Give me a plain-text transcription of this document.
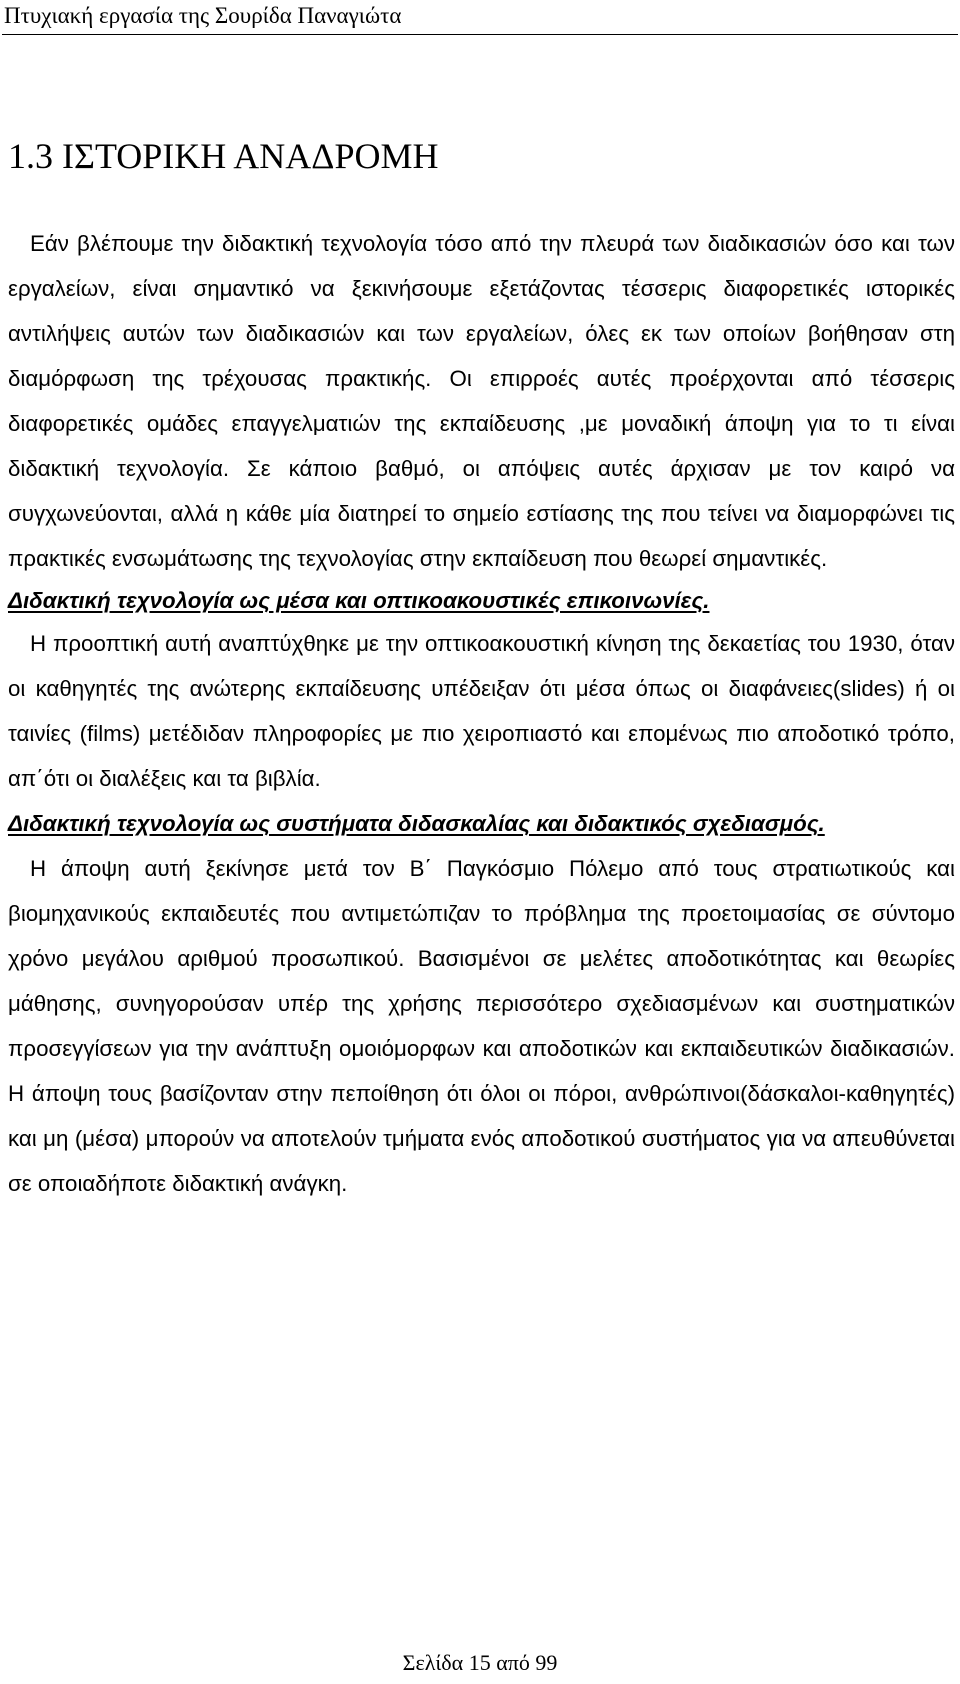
Πτυχιακή εργασία της Σουρίδα Παναγιώτα
1.3 ΙΣΤΟΡΙΚΗ ΑΝΑΔΡΟΜΗ

Εάν βλέπουμε την διδακτική τεχνολογία τόσο από την πλευρά των διαδικασιών όσο και των εργαλείων, είναι σημαντικό να ξεκινήσουμε εξετάζοντας τέσσερις διαφορετικές ιστορικές αντιλήψεις αυτών των διαδικασιών και των εργαλείων, όλες εκ των οποίων βοήθησαν στη διαμόρφωση της τρέχουσας πρακτικής. Οι επιρροές αυτές προέρχονται από τέσσερις διαφορετικές ομάδες επαγγελματιών της εκπαίδευσης ,με μοναδική άποψη για το τι είναι διδακτική τεχνολογία. Σε κάποιο βαθμό, οι απόψεις αυτές άρχισαν με τον καιρό να συγχωνεύονται, αλλά η κάθε μία διατηρεί το σημείο εστίασης της που τείνει να διαμορφώνει τις πρακτικές ενσωμάτωσης της τεχνολογίας στην εκπαίδευση που θεωρεί σημαντικές.

Διδακτική τεχνολογία ως μέσα και οπτικοακουστικές επικοινωνίες.

Η προοπτική αυτή αναπτύχθηκε με την οπτικοακουστική κίνηση της δεκαετίας του 1930, όταν οι καθηγητές της ανώτερης εκπαίδευσης υπέδειξαν ότι μέσα όπως οι διαφάνειες(slides) ή οι ταινίες (films) μετέδιδαν πληροφορίες με πιο χειροπιαστό και επομένως πιο αποδοτικό τρόπο, απ΄ότι οι διαλέξεις και τα βιβλία.

Διδακτική τεχνολογία ως συστήματα διδασκαλίας και διδακτικός σχεδιασμός.

Η άποψη αυτή ξεκίνησε μετά τον Β΄ Παγκόσμιο Πόλεμο από τους στρατιωτικούς και βιομηχανικούς εκπαιδευτές που αντιμετώπιζαν το πρόβλημα της προετοιμασίας σε σύντομο χρόνο μεγάλου αριθμού προσωπικού. Βασισμένοι σε μελέτες αποδοτικότητας και θεωρίες μάθησης, συνηγορούσαν υπέρ της χρήσης περισσότερο σχεδιασμένων και συστηματικών προσεγγίσεων για την ανάπτυξη ομοιόμορφων και αποδοτικών και εκπαιδευτικών διαδικασιών. Η άποψη τους βασίζονταν στην πεποίθηση ότι όλοι οι πόροι, ανθρώπινοι(δάσκαλοι-καθηγητές) και μη (μέσα) μπορούν να αποτελούν τμήματα ενός αποδοτικού συστήματος για να απευθύνεται σε οποιαδήποτε διδακτική ανάγκη.

Σελίδα 15 από 99
